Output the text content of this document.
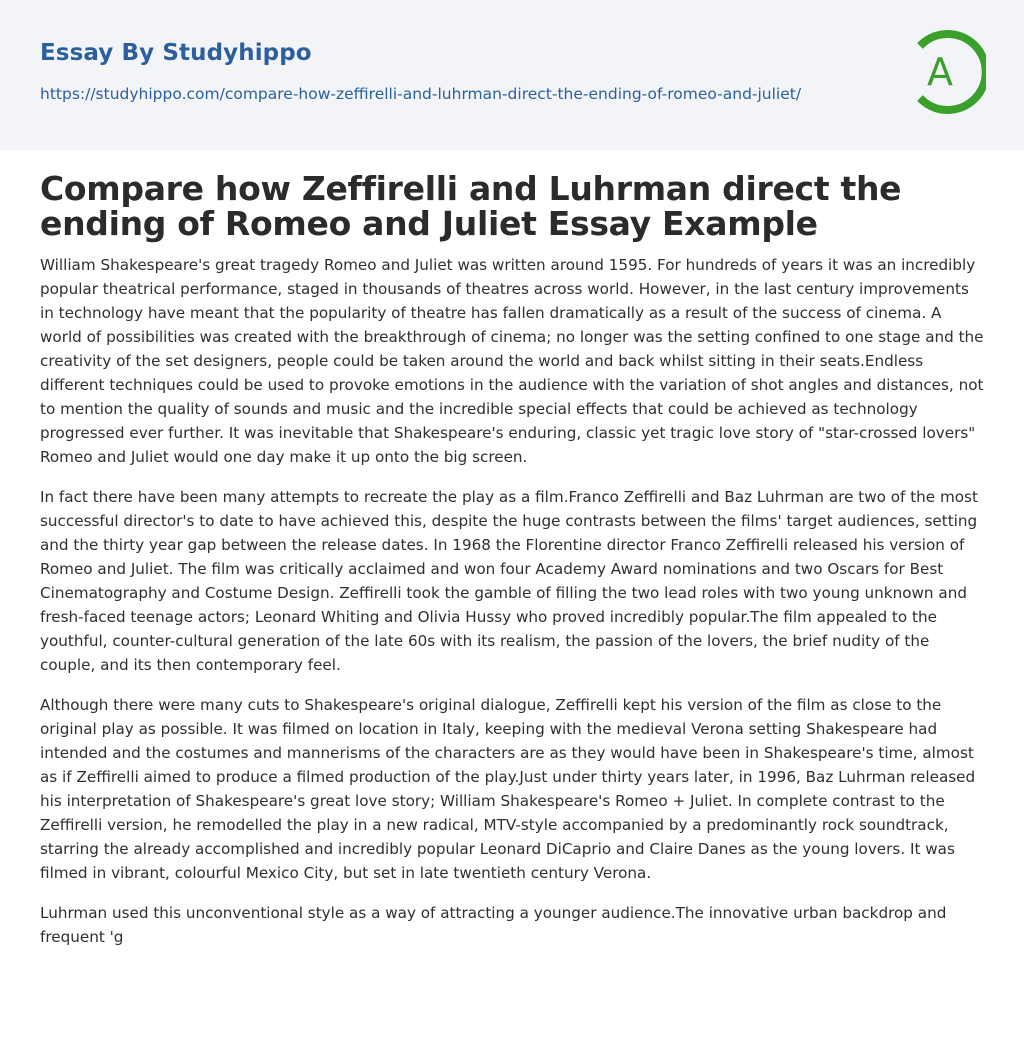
Essay By Studyhippo
https://studyhippo.com/compare-how-zeffirelli-and-luhrman-direct-the-ending-of-romeo-and-juliet/	A
Compare how Zeffirelli and Luhrman direct the ending of Romeo and Juliet Essay Example

William Shakespeare's great tragedy Romeo and Juliet was written around 1595. For hundreds of years it was an incredibly popular theatrical performance, staged in thousands of theatres across world. However, in the last century improvements in technology have meant that the popularity of theatre has fallen dramatically as a result of the success of cinema. A world of possibilities was created with the breakthrough of cinema; no longer was the setting confined to one stage and the creativity of the set designers, people could be taken around the world and back whilst sitting in their seats.Endless different techniques could be used to provoke emotions in the audience with the variation of shot angles and distances, not to mention the quality of sounds and music and the incredible special effects that could be achieved as technology progressed ever further. It was inevitable that Shakespeare's enduring, classic yet tragic love story of "star-crossed lovers" Romeo and Juliet would one day make it up onto the big screen.

In fact there have been many attempts to recreate the play as a film.Franco Zeffirelli and Baz Luhrman are two of the most successful director's to date to have achieved this, despite the huge contrasts between the films' target audiences, setting and the thirty year gap between the release dates. In 1968 the Florentine director Franco Zeffirelli released his version of Romeo and Juliet. The film was critically acclaimed and won four Academy Award nominations and two Oscars for Best Cinematography and Costume Design. Zeffirelli took the gamble of filling the two lead roles with two young unknown and fresh-faced teenage actors; Leonard Whiting and Olivia Hussy who proved incredibly popular.The film appealed to the youthful, counter-cultural generation of the late 60s with its realism, the passion of the lovers, the brief nudity of the couple, and its then contemporary feel.

Although there were many cuts to Shakespeare's original dialogue, Zeffirelli kept his version of the film as close to the original play as possible. It was filmed on location in Italy, keeping with the medieval Verona setting Shakespeare had intended and the costumes and mannerisms of the characters are as they would have been in Shakespeare's time, almost as if Zeffirelli aimed to produce a filmed production of the play.Just under thirty years later, in 1996, Baz Luhrman released his interpretation of Shakespeare's great love story; William Shakespeare's Romeo + Juliet. In complete contrast to the Zeffirelli version, he remodelled the play in a new radical, MTV-style accompanied by a predominantly rock soundtrack, starring the already accomplished and incredibly popular Leonard DiCaprio and Claire Danes as the young lovers. It was filmed in vibrant, colourful Mexico City, but set in late twentieth century Verona.

Luhrman used this unconventional style as a way of attracting a younger audience.The innovative urban backdrop and frequent 'g
